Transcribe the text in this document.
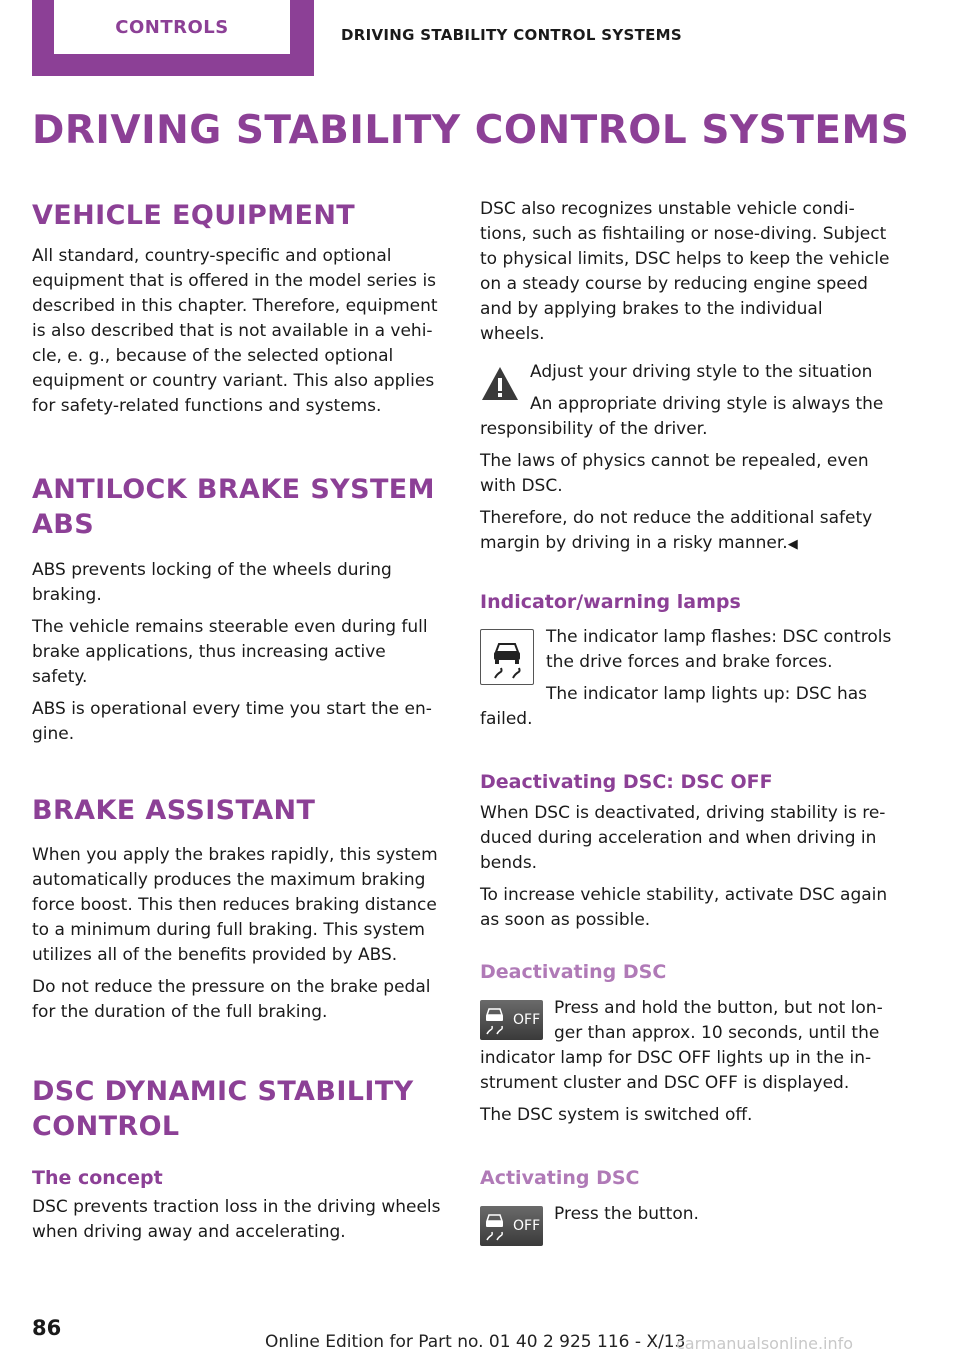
CONTROLS	DRIVING STABILITY CONTROL SYSTEMS
DRIVING STABILITY CONTROL SYSTEMS
VEHICLE EQUIPMENT

All standard, country-specific and optional

equipment that is offered in the model series is

described in this chapter. Therefore, equipment

is also described that is not available in a vehi‐

cle, e. g., because of the selected optional

equipment or country variant. This also applies

for safety-related functions and systems.

ANTILOCK BRAKE SYSTEM
ABS

ABS prevents locking of the wheels during

braking.

The vehicle remains steerable even during full

brake applications, thus increasing active

safety.

ABS is operational every time you start the en‐

gine.

BRAKE ASSISTANT

When you apply the brakes rapidly, this system

automatically produces the maximum braking

force boost. This then reduces braking distance

to a minimum during full braking. This system

utilizes all of the benefits provided by ABS.

Do not reduce the pressure on the brake pedal

for the duration of the full braking.

DSC DYNAMIC STABILITY
CONTROL
The concept

DSC prevents traction loss in the driving wheels

when driving away and accelerating.

DSC also recognizes unstable vehicle condi‐

tions, such as fishtailing or nose-diving. Subject

to physical limits, DSC helps to keep the vehicle

on a steady course by reducing engine speed

and by applying brakes to the individual

wheels.

Adjust your driving style to the situation

An appropriate driving style is always the

responsibility of the driver.

The laws of physics cannot be repealed, even

with DSC.

Therefore, do not reduce the additional safety

margin by driving in a risky manner.◀

Indicator/warning lamps

The indicator lamp flashes: DSC controls

the drive forces and brake forces.

The indicator lamp lights up: DSC has

failed.

Deactivating DSC: DSC OFF

When DSC is deactivated, driving stability is re‐

duced during acceleration and when driving in

bends.

To increase vehicle stability, activate DSC again

as soon as possible.

Deactivating DSC
OFF

Press and hold the button, but not lon‐

ger than approx. 10 seconds, until the

indicator lamp for DSC OFF lights up in the in‐

strument cluster and DSC OFF is displayed.

The DSC system is switched off.

Activating DSC
OFF

Press the button.

86
Online Edition for Part no. 01 40 2 925 116 - X/13
carmanualsonline.info
